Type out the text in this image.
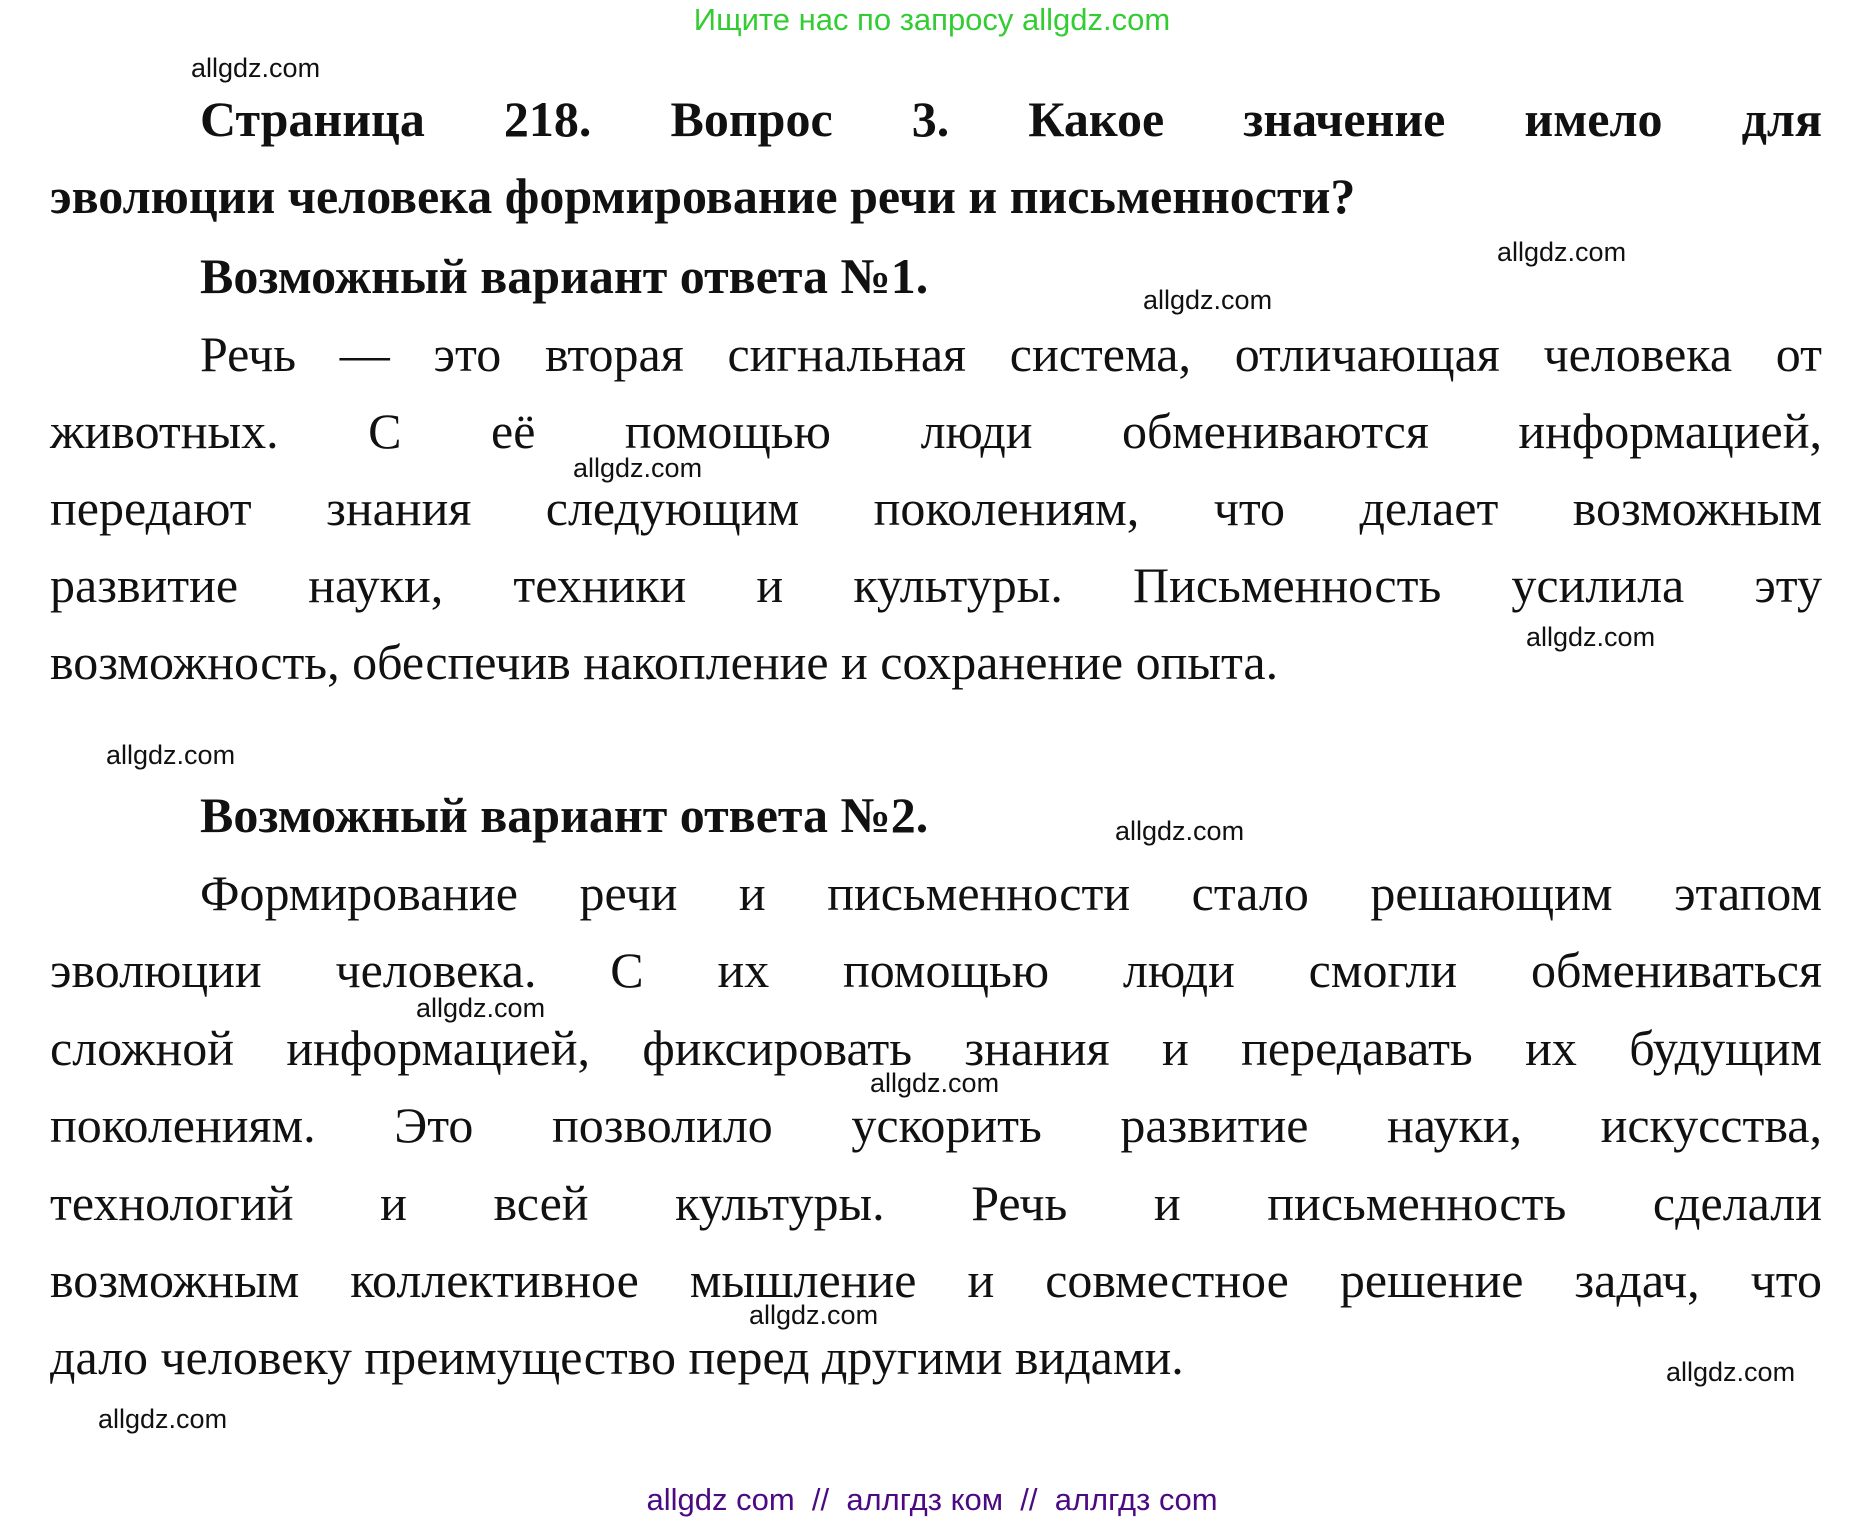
Ищите нас по запросу allgdz.com
Страница 218. Вопрос 3. Какое значение имело для
эволюции человека формирование речи и письменности?
Возможный вариант ответа №1.
Речь — это вторая сигнальная система, отличающая человека от
животных. С её помощью люди обмениваются информацией,
передают знания следующим поколениям, что делает возможным
развитие науки, техники и культуры. Письменность усилила эту
возможность, обеспечив накопление и сохранение опыта.
Возможный вариант ответа №2.
Формирование речи и письменности стало решающим этапом
эволюции человека. С их помощью люди смогли обмениваться
сложной информацией, фиксировать знания и передавать их будущим
поколениям. Это позволило ускорить развитие науки, искусства,
технологий и всей культуры. Речь и письменность сделали
возможным коллективное мышление и совместное решение задач, что
дало человеку преимущество перед другими видами.
allgdz.com
allgdz.com
allgdz.com
allgdz.com
allgdz.com
allgdz.com
allgdz.com
allgdz.com
allgdz.com
allgdz.com
allgdz.com
allgdz.com
allgdz com  //  аллгдз ком  //  аллгдз com
